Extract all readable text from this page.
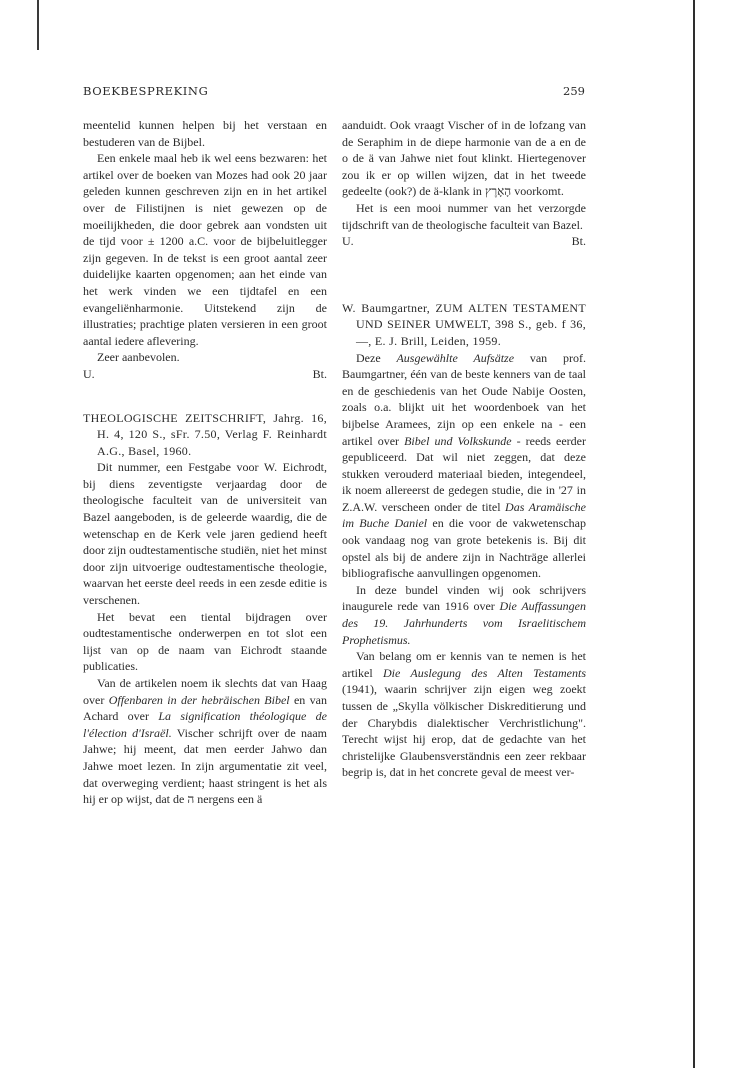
BOEKBESPREKING	259

meentelid kunnen helpen bij het verstaan en bestuderen van de Bijbel.

Een enkele maal heb ik wel eens bezwaren: het artikel over de boeken van Mozes had ook 20 jaar geleden kunnen geschreven zijn en in het artikel over de Filistijnen is niet gewezen op de moeilijkheden, die door gebrek aan vondsten uit de tijd voor ± 1200 a.C. voor de bijbeluitlegger zijn gegeven. In de tekst is een groot aantal zeer duidelijke kaarten opgenomen; aan het einde van het werk vinden we een tijdtafel en een evangeliënharmonie. Uitstekend zijn de illustraties; prachtige platen versieren in een groot aantal iedere aflevering.

Zeer aanbevolen.

U.	Bt.

THEOLOGISCHE ZEITSCHRIFT, Jahrg. 16, H. 4, 120 S., sFr. 7.50, Verlag F. Reinhardt A.G., Basel, 1960.

Dit nummer, een Festgabe voor W. Eichrodt, bij diens zeventigste verjaardag door de theologische faculteit van de universiteit van Bazel aangeboden, is de geleerde waardig, die de wetenschap en de Kerk vele jaren gediend heeft door zijn oudtestamentische studiën, niet het minst door zijn uitvoerige oudtestamentische theologie, waarvan het eerste deel reeds in een zesde editie is verschenen.

Het bevat een tiental bijdragen over oudtestamentische onderwerpen en tot slot een lijst van op de naam van Eichrodt staande publicaties.

Van de artikelen noem ik slechts dat van Haag over Offenbaren in der hebräischen Bibel en van Achard over La signification théologique de l'élection d'Israël. Vischer schrijft over de naam Jahwe; hij meent, dat men eerder Jahwo dan Jahwe moet lezen. In zijn argumentatie zit veel, dat overweging verdient; haast stringent is het als hij er op wijst, dat de ה nergens een ä

aanduidt. Ook vraagt Vischer of in de lofzang van de Seraphim in de diepe harmonie van de a en de o de ä van Jahwe niet fout klinkt. Hiertegenover zou ik er op willen wijzen, dat in het tweede gedeelte (ook?) de ä-klank in הָאָרֶץ voorkomt.

Het is een mooi nummer van het verzorgde tijdschrift van de theologische faculteit van Bazel.

U.	Bt.

W. Baumgartner, ZUM ALTEN TESTAMENT UND SEINER UMWELT, 398 S., geb. f 36,—, E. J. Brill, Leiden, 1959.

Deze Ausgewählte Aufsätze van prof. Baumgartner, één van de beste kenners van de taal en de geschiedenis van het Oude Nabije Oosten, zoals o.a. blijkt uit het woordenboek van het bijbelse Arameеs, zijn op een enkele na - een artikel over Bibel und Volkskunde - reeds eerder gepubliceerd. Dat wil niet zeggen, dat deze stukken verouderd materiaal bieden, integendeel, ik noem allereerst de gedegen studie, die in '27 in Z.A.W. verscheen onder de titel Das Aramäische im Buche Daniel en die voor de vakwetenschap ook vandaag nog van grote betekenis is. Bij dit opstel als bij de andere zijn in Nachträge allerlei bibliografische aanvullingen opgenomen.

In deze bundel vinden wij ook schrijvers inaugurele rede van 1916 over Die Auffassungen des 19. Jahrhunderts vom Israelitischem Prophetismus.

Van belang om er kennis van te nemen is het artikel Die Auslegung des Alten Testaments (1941), waarin schrijver zijn eigen weg zoekt tussen de „Skylla völkischer Diskreditierung und der Charybdis dialektischer Verchristlichung". Terecht wijst hij erop, dat de gedachte van het christelijke Glaubensverständnis een zeer rekbaar begrip is, dat in het concrete geval de meest ver-
